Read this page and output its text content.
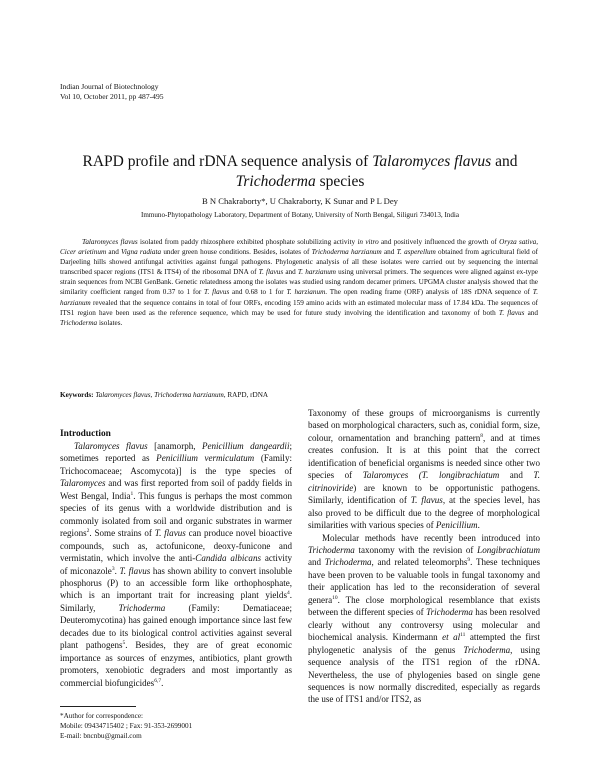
Indian Journal of Biotechnology
Vol 10, October 2011, pp 487-495
RAPD profile and rDNA sequence analysis of Talaromyces flavus and
Trichoderma species
B N Chakraborty*, U Chakraborty, K Sunar and P L Dey
Immuno-Phytopathology Laboratory, Department of Botany, University of North Bengal, Siliguri 734013, India

Talaromyces flavus isolated from paddy rhizosphere exhibited phosphate solubilizing activity in vitro and positively influenced the growth of Oryza sativa, Cicer arietinum and Vigna radiata under green house conditions. Besides, isolates of Trichoderma harzianum and T. asperellum obtained from agricultural field of Darjeeling hills showed antifungal activities against fungal pathogens. Phylogenetic analysis of all these isolates were carried out by sequencing the internal transcribed spacer regions (ITS1 & ITS4) of the ribosomal DNA of T. flavus and T. harzianum using universal primers. The sequences were aligned against ex-type strain sequences from NCBI GenBank. Genetic relatedness among the isolates was studied using random decamer primers. UPGMA cluster analysis showed that the similarity coefficient ranged from 0.37 to 1 for T. flavus and 0.68 to 1 for T. harzianum. The open reading frame (ORF) analysis of 18S rDNA sequence of T. harzianum revealed that the sequence contains in total of four ORFs, encoding 159 amino acids with an estimated molecular mass of 17.84 kDa. The sequences of ITS1 region have been used as the reference sequence, which may be used for future study involving the identification and taxonomy of both T. flavus and Trichoderma isolates.

Keywords: Talaromyces flavus, Trichoderma harzianum, RAPD, rDNA
Introduction

Talaromyces flavus [anamorph, Penicillium dangeardii; sometimes reported as Penicillium vermiculatum (Family: Trichocomaceae; Ascomycota)] is the type species of Talaromyces and was first reported from soil of paddy fields in West Bengal, India$^1$. This fungus is perhaps the most common species of its genus with a worldwide distribution and is commonly isolated from soil and organic substrates in warmer regions$^2$. Some strains of T. flavus can produce novel bioactive compounds, such as, actofunicone, deoxy-funicone and vermistatin, which involve the anti-Candida albicans activity of miconazole$^3$. T. flavus has shown ability to convert insoluble phosphorus (P) to an accessible form like orthophosphate, which is an important trait for increasing plant yields$^4$. Similarly, Trichoderma (Family: Dematiaceae; Deuteromycotina) has gained enough importance since last few decades due to its biological control activities against several plant pathogens$^5$. Besides, they are of great economic importance as sources of enzymes, antibiotics, plant growth promoters, xenobiotic degraders and most importantly as commercial biofungicides$^{6,7}$.

Taxonomy of these groups of microorganisms is currently based on morphological characters, such as, conidial form, size, colour, ornamentation and branching pattern$^8$, and at times creates confusion. It is at this point that the correct identification of beneficial organisms is needed since other two species of Talaromyces (T. longibrachiatum and T. citrinoviride) are known to be opportunistic pathogens. Similarly, identification of T. flavus, at the species level, has also proved to be difficult due to the degree of morphological similarities with various species of Penicillium.

Molecular methods have recently been introduced into Trichoderma taxonomy with the revision of Longibrachiatum and Trichoderma, and related teleomorphs$^9$. These techniques have been proven to be valuable tools in fungal taxonomy and their application has led to the reconsideration of several genera$^{10}$. The close morphological resemblance that exists between the different species of Trichoderma has been resolved clearly without any controversy using molecular and biochemical analysis. Kindermann et $al^{11}$ attempted the first phylogenetic analysis of the genus Trichoderma, using sequence analysis of the ITS1 region of the rDNA. Nevertheless, the use of phylogenies based on single gene sequences is now normally discredited, especially as regards the use of ITS1 and/or ITS2, as

*Author for correspondence:
Mobile: 09434715402 ; Fax: 91-353-2699001
E-mail: bncnbu@gmail.com
